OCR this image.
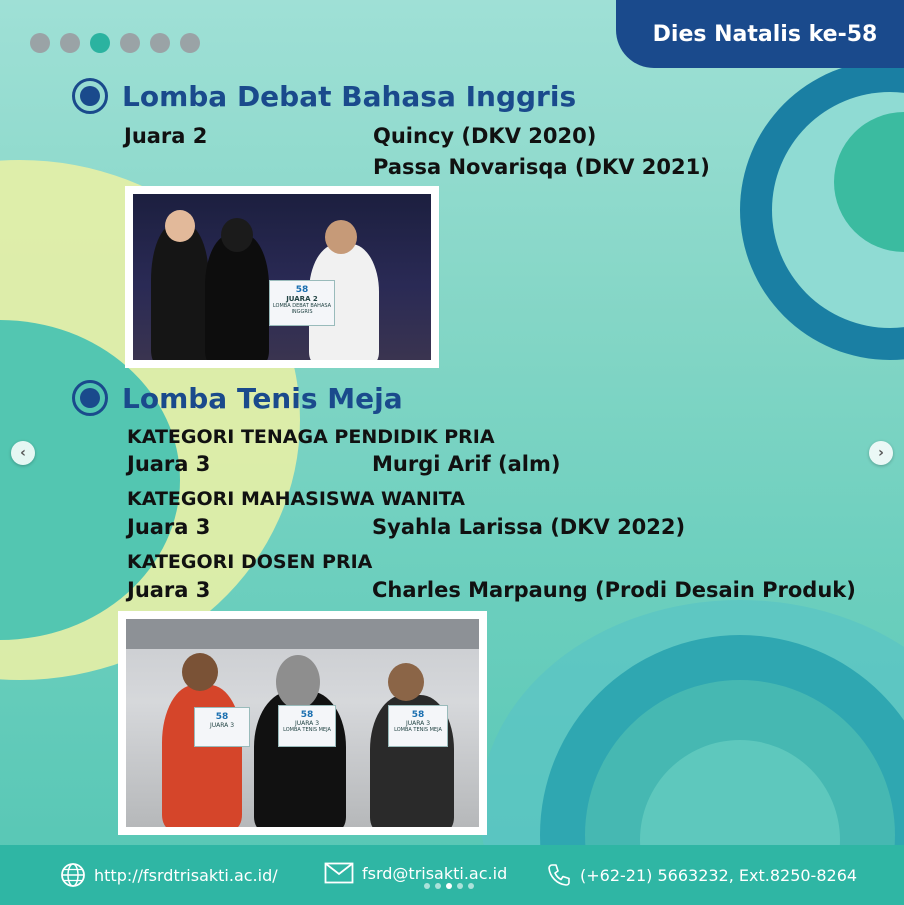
Dies Natalis ke-58
Lomba Debat Bahasa Inggris
Juara 2	Quincy (DKV 2020)
Passa Novarisqa (DKV 2021)
58
JUARA 2
LOMBA DEBAT BAHASA INGGRIS
Lomba Tenis Meja
KATEGORI TENAGA PENDIDIK PRIA
Juara 3	Murgi Arif (alm)
KATEGORI MAHASISWA WANITA
Juara 3	Syahla Larissa (DKV 2022)
KATEGORI DOSEN PRIA
Juara 3	Charles Marpaung (Prodi Desain Produk)
58
JUARA 3
58
JUARA 3
LOMBA TENIS MEJA
58
JUARA 3
LOMBA TENIS MEJA
‹	›
http://fsrdtrisakti.ac.id/	fsrd@trisakti.ac.id	(+62-21) 5663232, Ext.8250-8264
